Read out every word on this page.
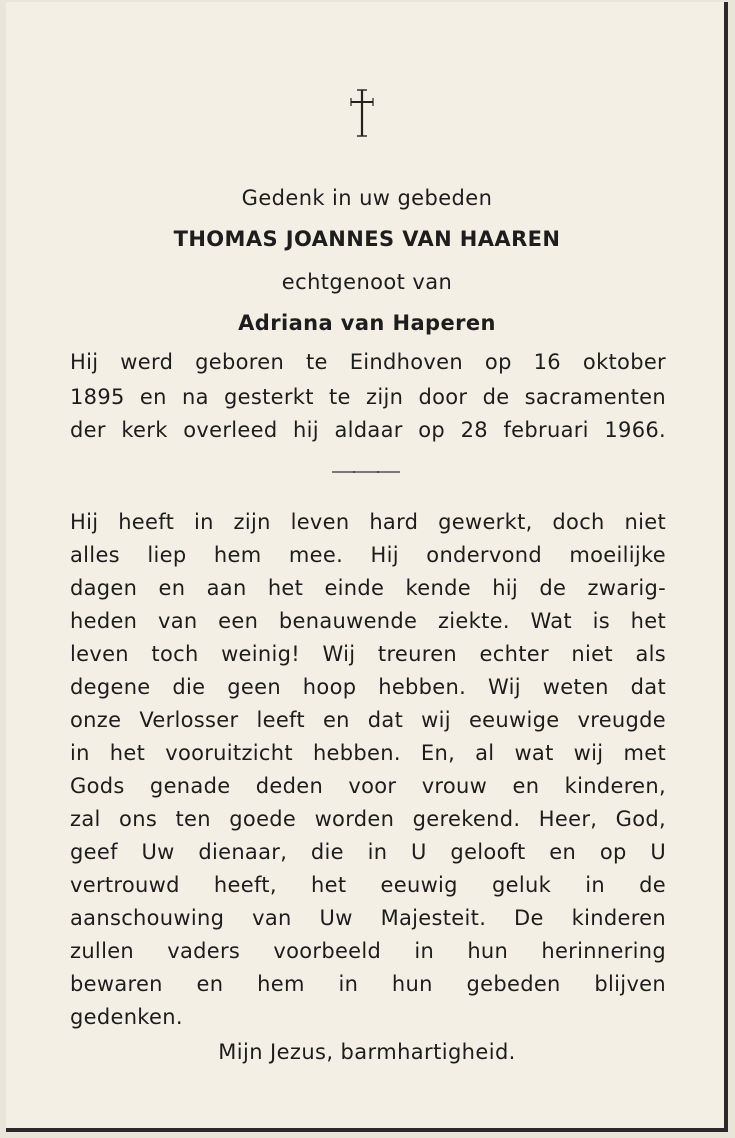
Gedenk in uw gebeden
THOMAS JOANNES VAN HAAREN
echtgenoot van
Adriana van Haperen
Hij werd geboren te Eindhoven op 16 oktober
1895 en na gesterkt te zijn door de sacramenten
der kerk overleed hij aldaar op 28 februari 1966.
Hij heeft in zijn leven hard gewerkt, doch niet
alles liep hem mee. Hij ondervond moeilijke
dagen en aan het einde kende hij de zwarig-
heden van een benauwende ziekte. Wat is het
leven toch weinig! Wij treuren echter niet als
degene die geen hoop hebben. Wij weten dat
onze Verlosser leeft en dat wij eeuwige vreugde
in het vooruitzicht hebben. En, al wat wij met
Gods genade deden voor vrouw en kinderen,
zal ons ten goede worden gerekend. Heer, God,
geef Uw dienaar, die in U gelooft en op U
vertrouwd heeft, het eeuwig geluk in de
aanschouwing van Uw Majesteit. De kinderen
zullen vaders voorbeeld in hun herinnering
bewaren en hem in hun gebeden blijven
gedenken.
Mijn Jezus, barmhartigheid.
